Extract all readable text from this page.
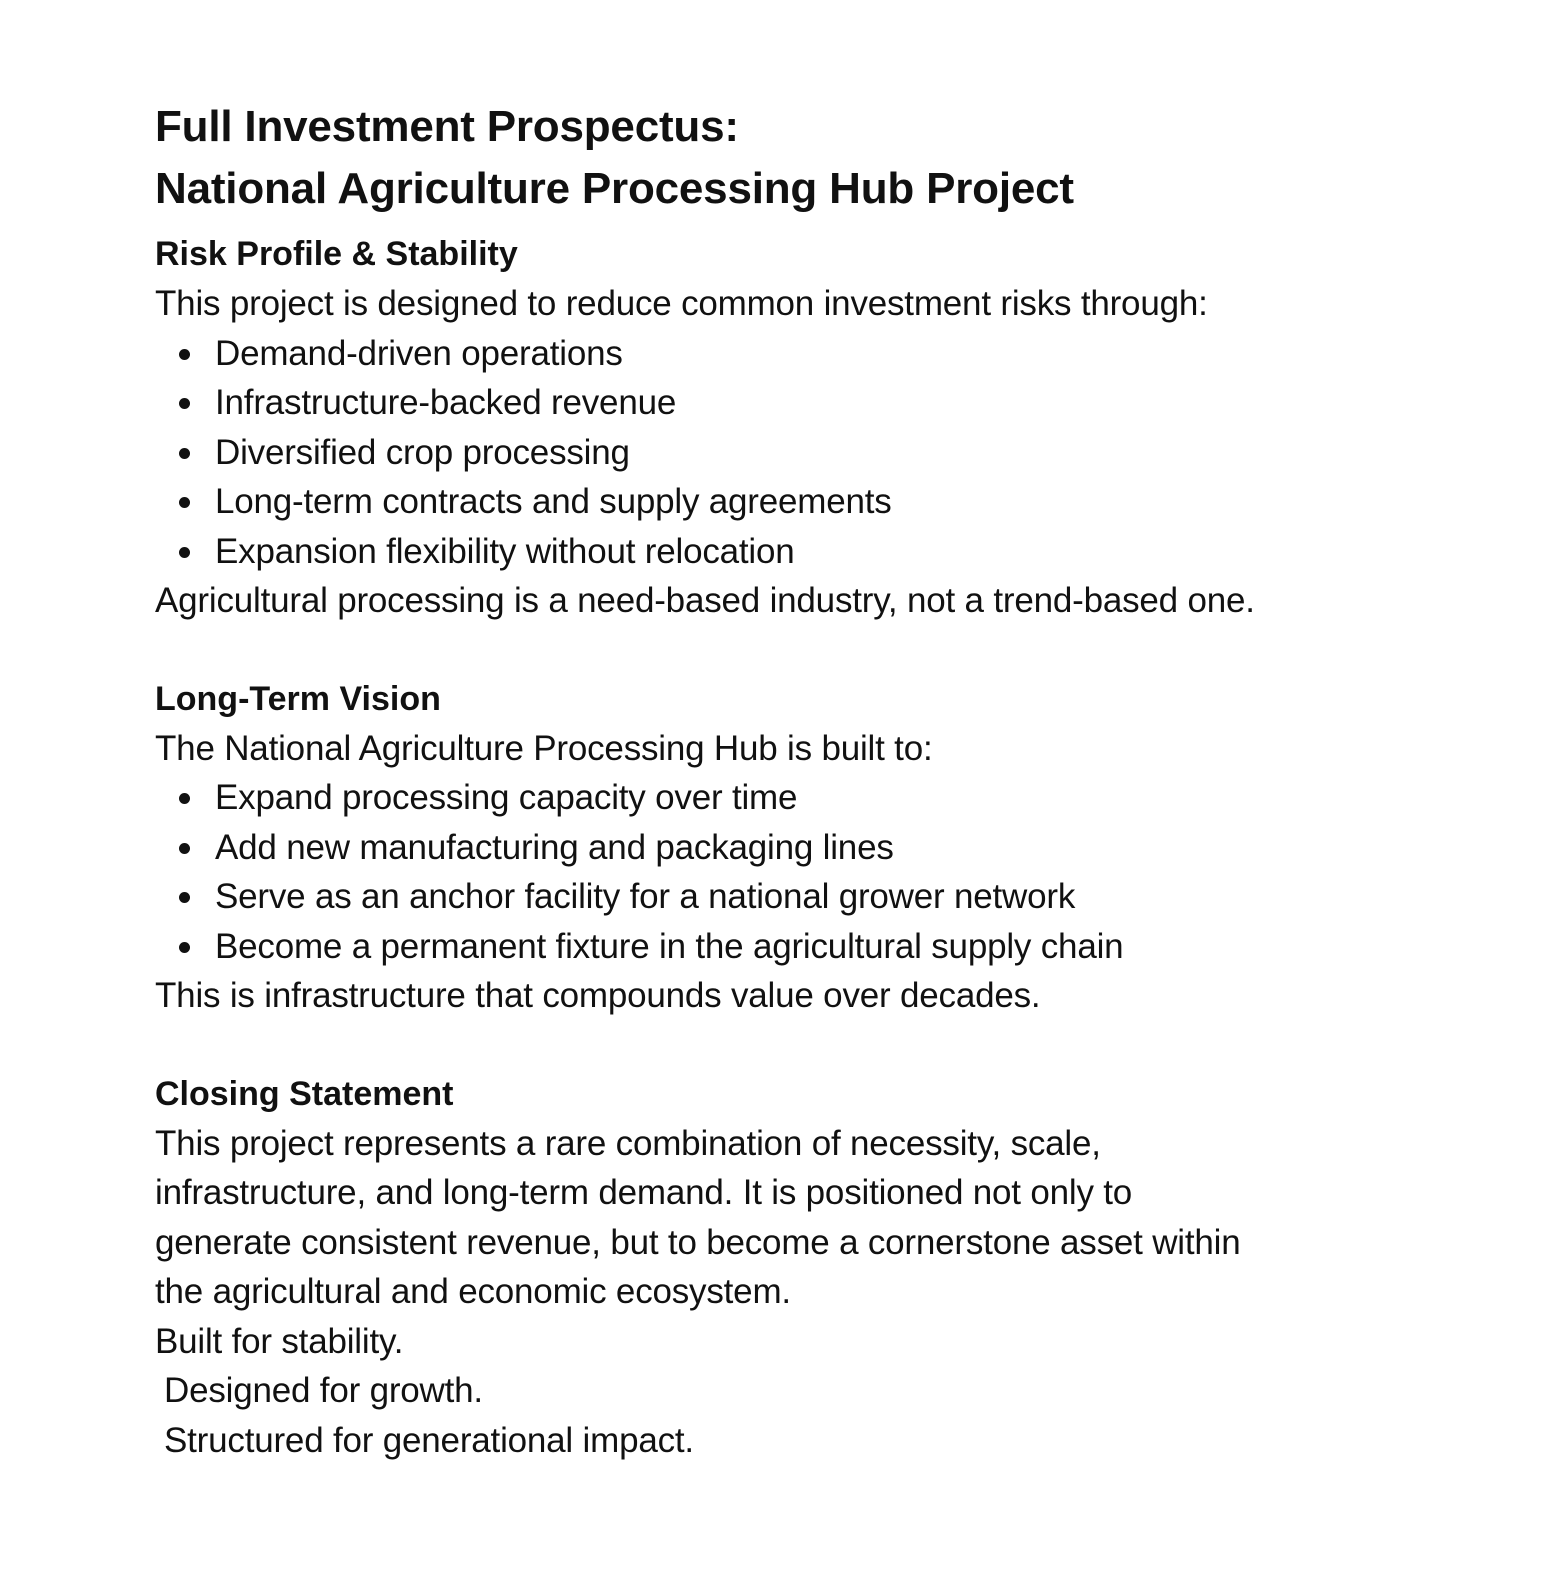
Full Investment Prospectus:

National Agriculture Processing Hub Project

Risk Profile & Stability

This project is designed to reduce common investment risks through:

Demand-driven operations
Infrastructure-backed revenue
Diversified crop processing
Long-term contracts and supply agreements
Expansion flexibility without relocation

Agricultural processing is a need-based industry, not a trend-based one.

Long-Term Vision

The National Agriculture Processing Hub is built to:

Expand processing capacity over time
Add new manufacturing and packaging lines
Serve as an anchor facility for a national grower network
Become a permanent fixture in the agricultural supply chain

This is infrastructure that compounds value over decades.

Closing Statement

This project represents a rare combination of necessity, scale,

infrastructure, and long-term demand. It is positioned not only to

generate consistent revenue, but to become a cornerstone asset within

the agricultural and economic ecosystem.

Built for stability.

Designed for growth.

Structured for generational impact.
